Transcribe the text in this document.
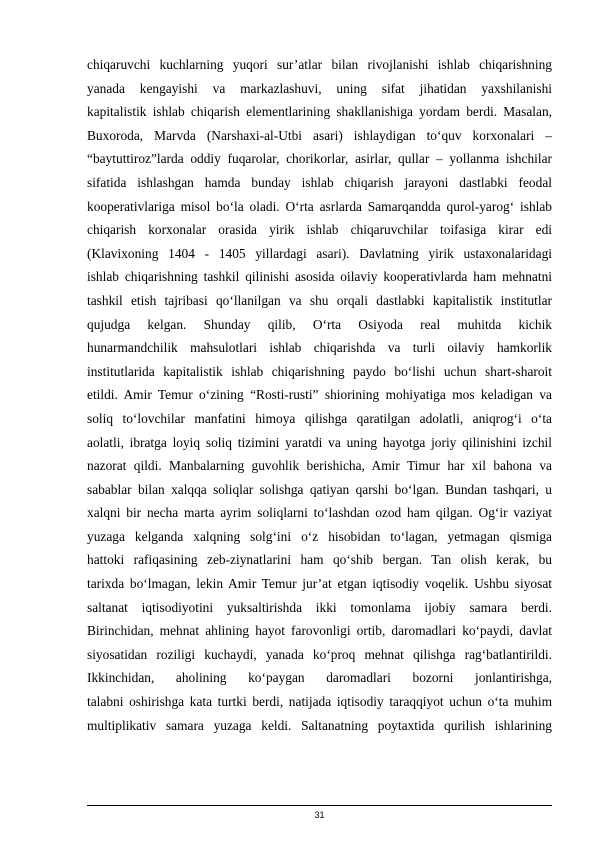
chiqaruvchi kuchlarning yuqori sur’atlar bilan rivojlanishi ishlab chiqarishning
yanada kengayishi va markazlashuvi, uning sifat jihatidan yaxshilanishi
kapitalistik ishlab chiqarish elementlarining shakllanishiga yordam berdi. Masalan,
Buxoroda, Marvda (Narshaxi-al-Utbi asari) ishlaydigan to‘quv korxonalari –
“baytuttiroz”larda oddiy fuqarolar, chorikorlar, asirlar, qullar – yollanma ishchilar
sifatida ishlashgan hamda bunday ishlab chiqarish jarayoni dastlabki feodal
kooperativlariga misol bo‘la oladi. O‘rta asrlarda Samarqandda qurol-yarog‘ ishlab
chiqarish korxonalar orasida yirik ishlab chiqaruvchilar toifasiga kirar edi
(Klavixoning 1404 - 1405 yillardagi asari). Davlatning yirik ustaxonalaridagi
ishlab chiqarishning tashkil qilinishi asosida oilaviy kooperativlarda ham mehnatni
tashkil etish tajribasi qo‘llanilgan va shu orqali dastlabki kapitalistik institutlar
qujudga kelgan. Shunday qilib, O‘rta Osiyoda real muhitda kichik
hunarmandchilik mahsulotlari ishlab chiqarishda va turli oilaviy hamkorlik
institutlarida kapitalistik ishlab chiqarishning paydo bo‘lishi uchun shart-sharoit
etildi. Amir Temur o‘zining “Rosti-rusti” shiorining mohiyatiga mos keladigan va
soliq to‘lovchilar manfatini himoya qilishga qaratilgan adolatli, aniqrog‘i o‘ta
aolatli, ibratga loyiq soliq tizimini yaratdi va uning hayotga joriy qilinishini izchil
nazorat qildi. Manbalarning guvohlik berishicha, Amir Timur har xil bahona va
sabablar bilan xalqqa soliqlar solishga qatiyan qarshi bo‘lgan. Bundan tashqari, u
xalqni bir necha marta ayrim soliqlarni to‘lashdan ozod ham qilgan. Og‘ir vaziyat
yuzaga kelganda xalqning solg‘ini o‘z hisobidan to‘lagan, yetmagan qismiga
hattoki rafiqasining zeb-ziynatlarini ham qo‘shib bergan. Tan olish kerak, bu
tarixda bo‘lmagan, lekin Amir Temur jur’at etgan iqtisodiy voqelik. Ushbu siyosat
saltanat iqtisodiyotini yuksaltirishda ikki tomonlama ijobiy samara berdi.
Birinchidan, mehnat ahlining hayot farovonligi ortib, daromadlari ko‘paydi, davlat
siyosatidan roziligi kuchaydi, yanada ko‘proq mehnat qilishga rag‘batlantirildi.
Ikkinchidan, aholining ko‘paygan daromadlari bozorni jonlantirishga,
talabni oshirishga kata turtki berdi, natijada iqtisodiy taraqqiyot uchun o‘ta muhim
multiplikativ samara yuzaga keldi. Saltanatning poytaxtida qurilish ishlarining
31
